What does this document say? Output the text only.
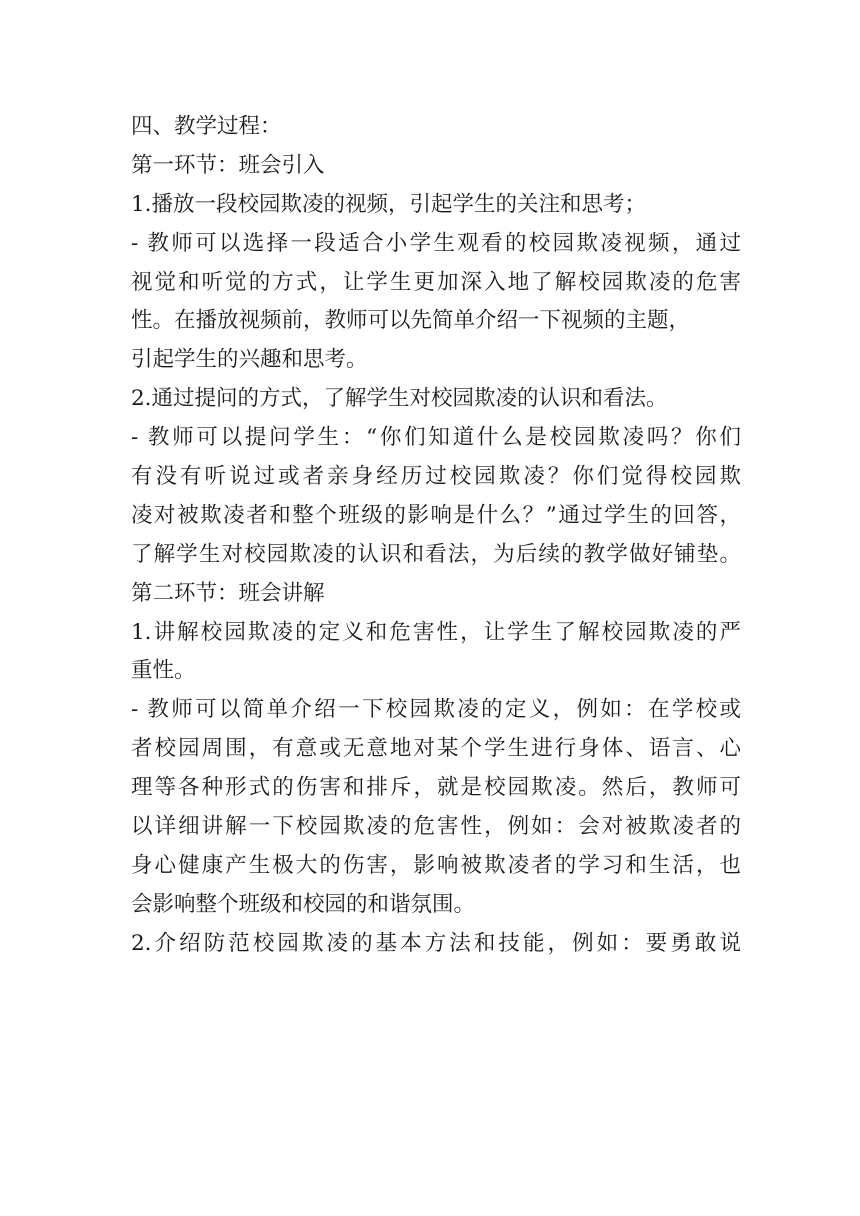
四、教学过程：
第一环节：班会引入
1.播放一段校园欺凌的视频，引起学生的关注和思考；
- 教师可以选择一段适合小学生观看的校园欺凌视频，通过
视觉和听觉的方式，让学生更加深入地了解校园欺凌的危害
性。在播放视频前，教师可以先简单介绍一下视频的主题，
引起学生的兴趣和思考。
2.通过提问的方式，了解学生对校园欺凌的认识和看法。
- 教师可以提问学生：“你们知道什么是校园欺凌吗？你们
有没有听说过或者亲身经历过校园欺凌？你们觉得校园欺
凌对被欺凌者和整个班级的影响是什么？”通过学生的回答，
了解学生对校园欺凌的认识和看法，为后续的教学做好铺垫。
第二环节：班会讲解
1.讲解校园欺凌的定义和危害性，让学生了解校园欺凌的严
重性。
- 教师可以简单介绍一下校园欺凌的定义，例如：在学校或
者校园周围，有意或无意地对某个学生进行身体、语言、心
理等各种形式的伤害和排斥，就是校园欺凌。然后，教师可
以详细讲解一下校园欺凌的危害性，例如：会对被欺凌者的
身心健康产生极大的伤害，影响被欺凌者的学习和生活，也
会影响整个班级和校园的和谐氛围。
2.介绍防范校园欺凌的基本方法和技能，例如：要勇敢说
